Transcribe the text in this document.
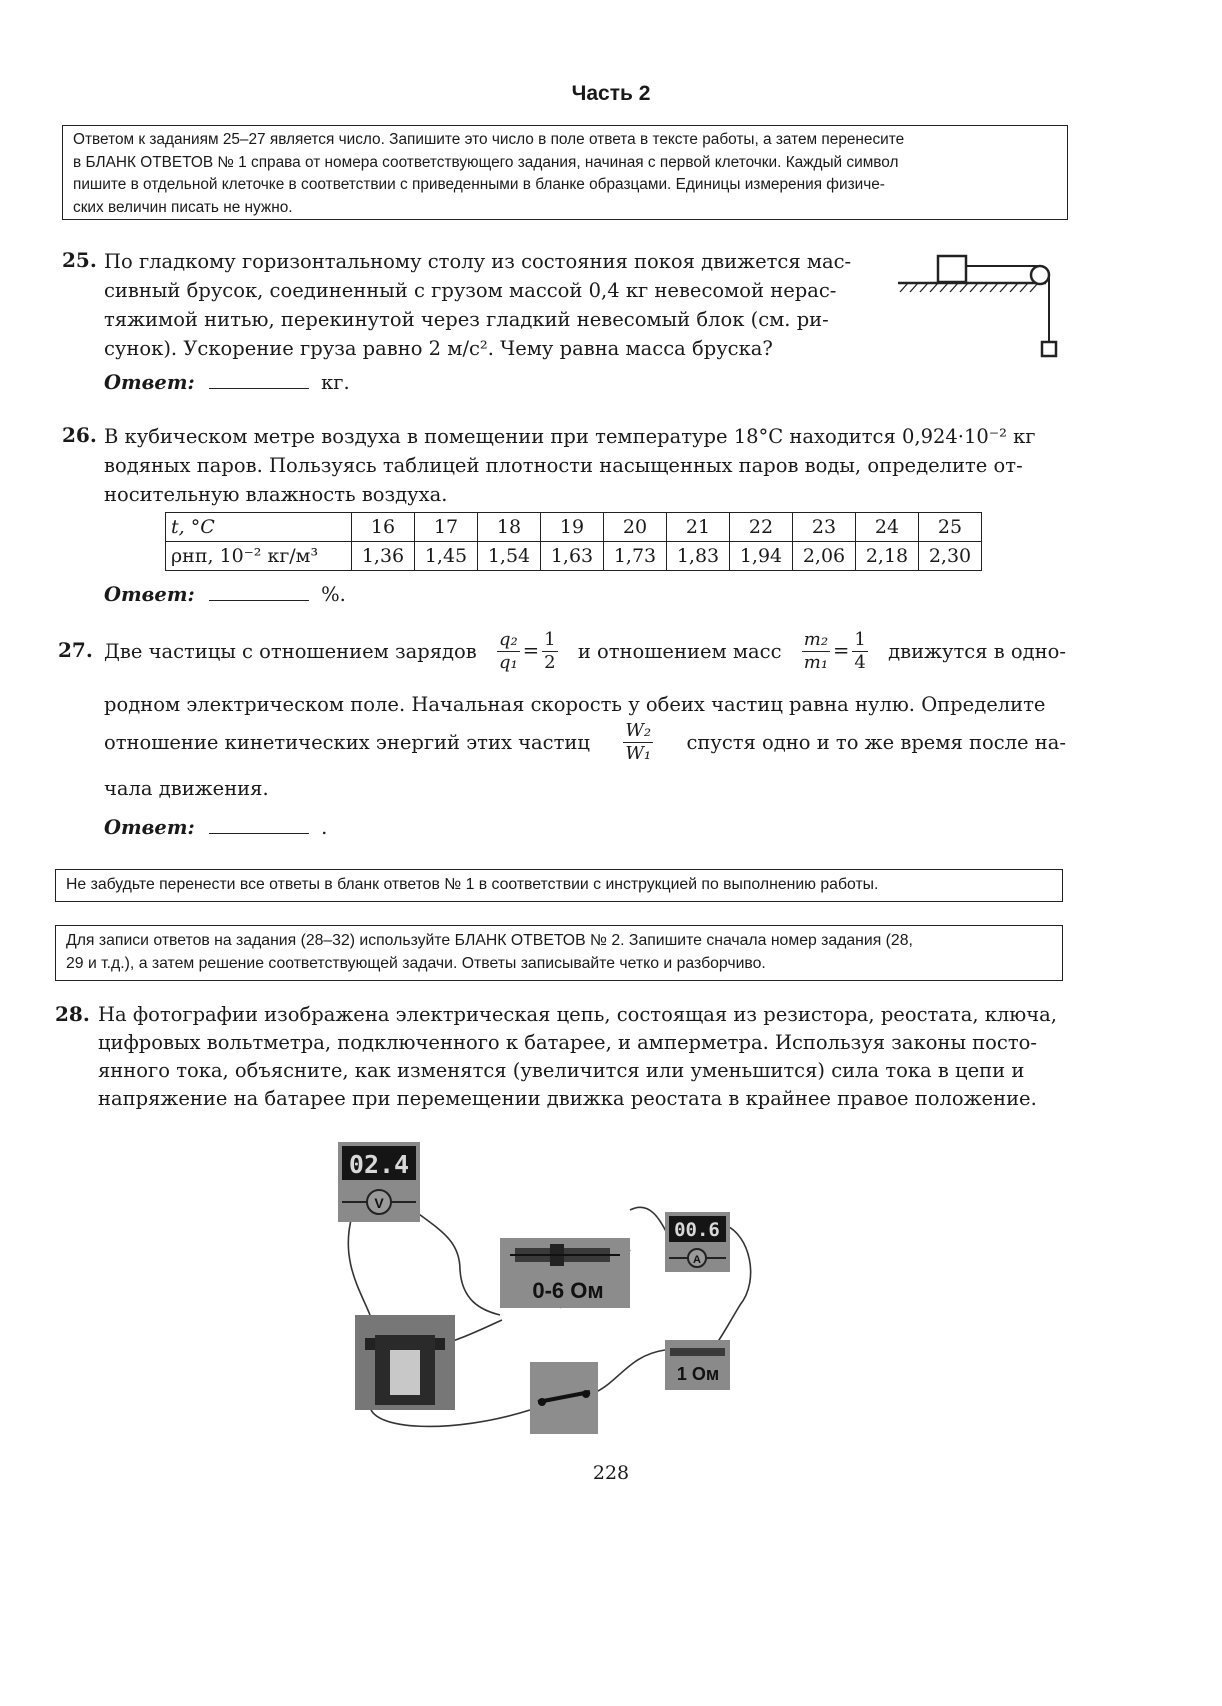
Часть 2
Ответом к заданиям 25–27 является число. Запишите это число в поле ответа в тексте работы, а затем перенесите
в БЛАНК ОТВЕТОВ № 1 справа от номера соответствующего задания, начиная с первой клеточки. Каждый символ
пишите в отдельной клеточке в соответствии с приведенными в бланке образцами. Единицы измерения физиче-
ских величин писать не нужно.
25. По гладкому горизонтальному столу из состояния покоя движется мас-
сивный брусок, соединенный с грузом массой 0,4 кг невесомой нерас-
тяжимой нитью, перекинутой через гладкий невесомый блок (см. ри-
сунок). Ускорение груза равно 2 м/с². Чему равна масса бруска?
Ответ:	кг.
26. В кубическом метре воздуха в помещении при температуре 18°С находится 0,924·10⁻² кг
водяных паров. Пользуясь таблицей плотности насыщенных паров воды, определите от-
носительную влажность воздуха.
t, °C	16	17	18	19	20	21	22	23	24	25
ρнп, 10⁻² кг/м³	1,36	1,45	1,54	1,63	1,73	1,83	1,94	2,06	2,18	2,30
Ответ:	%.
27. Две частицы с отношением зарядов $\frac{\text{q₂}}{\text{q₁}} = \frac{1}{2}$ и отношением масс $\frac{\text{m₂}}{\text{m₁}} = \frac{1}{4}$ движутся в одно-
родном электрическом поле. Начальная скорость у обеих частиц равна нулю. Определите
отношение кинетических энергий этих частиц $\frac{\text{W₂}}{\text{W₁}}$ спустя одно и то же время после на-
чала движения.
Ответ:	.
Не забудьте перенести все ответы в бланк ответов № 1 в соответствии с инструкцией по выполнению работы.
Для записи ответов на задания (28–32) используйте БЛАНК ОТВЕТОВ № 2. Запишите сначала номер задания (28,
29 и т.д.), а затем решение соответствующей задачи. Ответы записывайте четко и разборчиво.
28. На фотографии изображена электрическая цепь, состоящая из резистора, реостата, ключа,
цифровых вольтметра, подключенного к батарее, и амперметра. Используя законы посто-
янного тока, объясните, как изменятся (увеличится или уменьшится) сила тока в цепи и
напряжение на батарее при перемещении движка реостата в крайнее правое положение.
02.4
V
0-6 Ом
00.6
A
1 Ом
228
